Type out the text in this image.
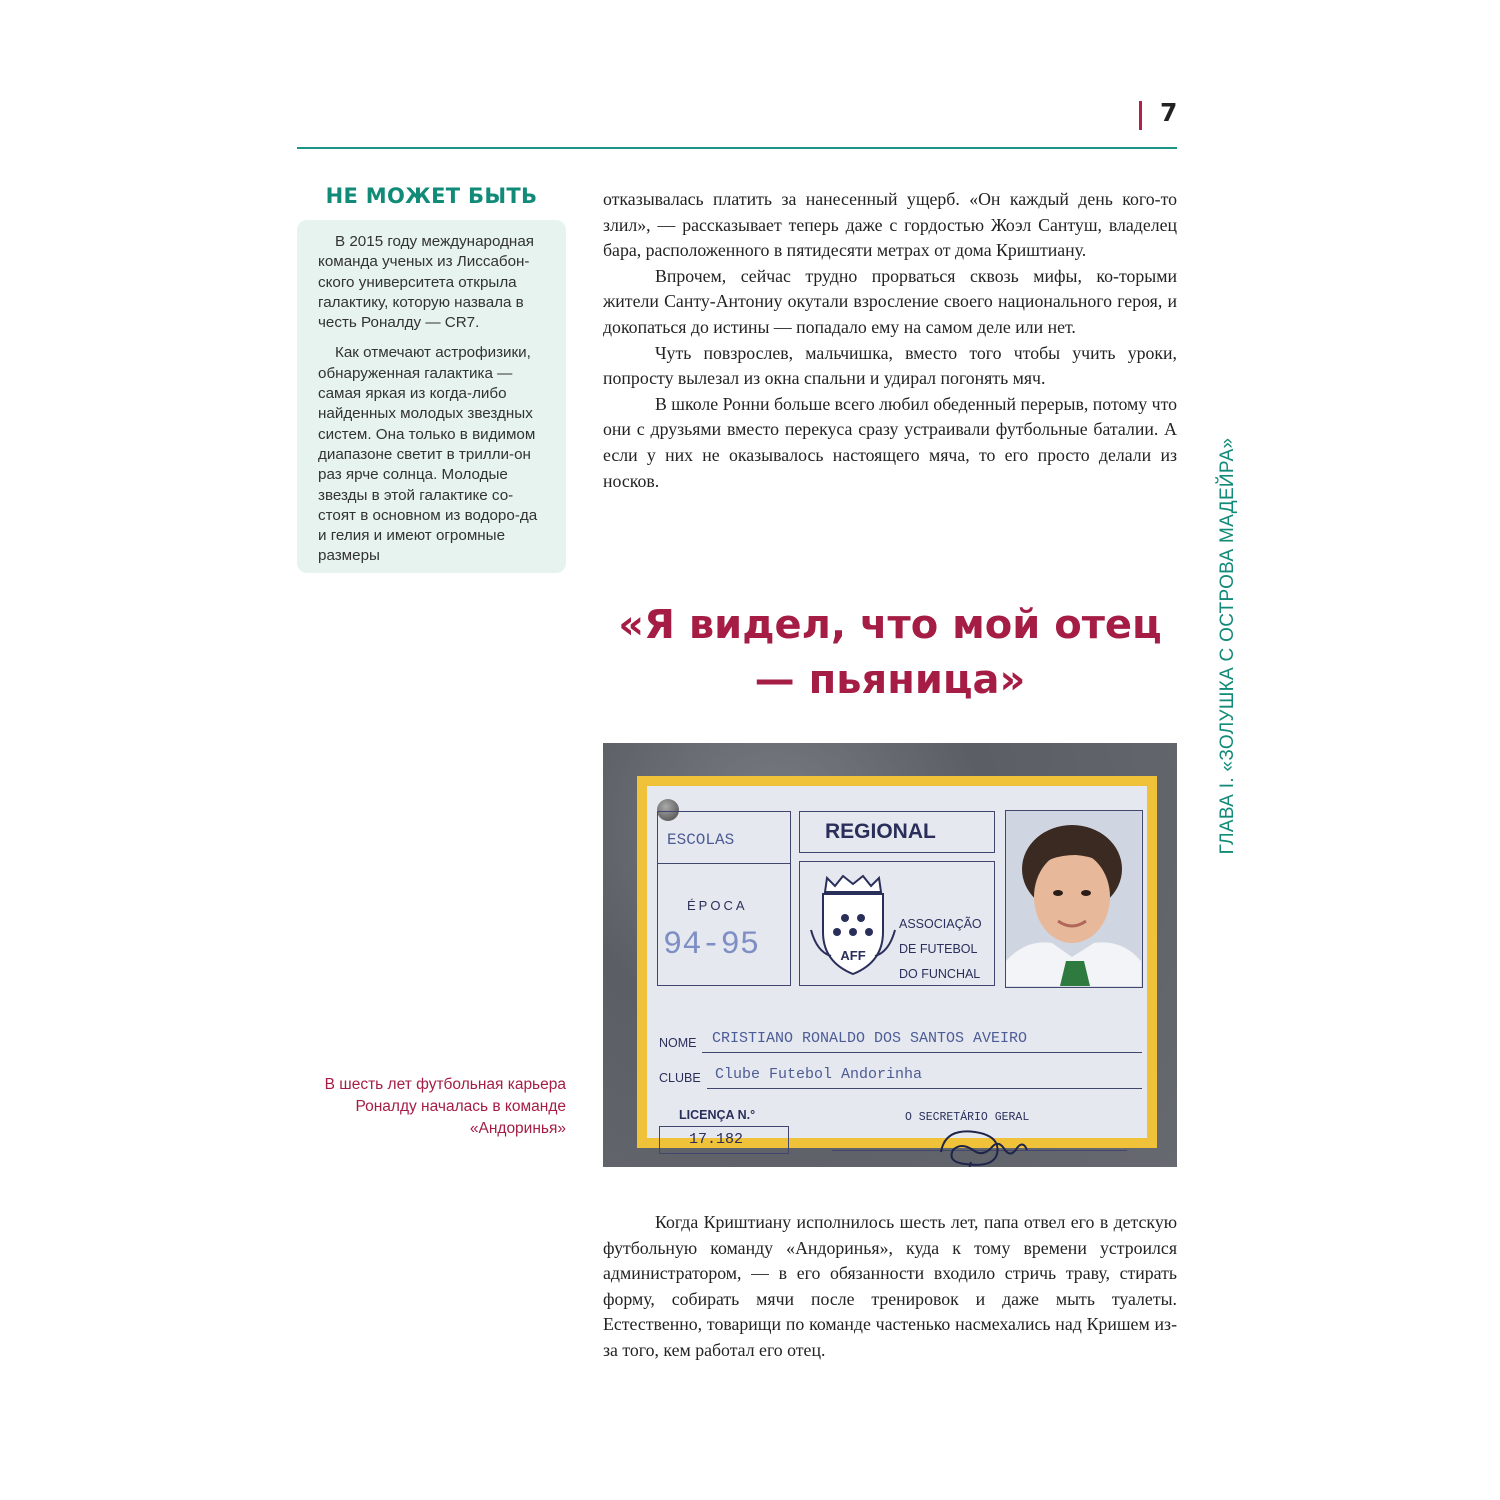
7
НЕ МОЖЕТ БЫТЬ

В 2015 году международная команда ученых из Лиссабон-ского университета открыла галактику, которую назвала в честь Роналду — CR7.

Как отмечают астрофизики, обнаруженная галактика — самая яркая из когда-либо найденных молодых звездных систем. Она только в видимом диапазоне светит в трилли-он раз ярче солнца. Молодые звезды в этой галактике со-стоят в основном из водоро-да и гелия и имеют огромные размеры

отказывалась платить за нанесенный ущерб. «Он каждый день кого-то злил», — рассказывает теперь даже с гордостью Жоэл Сантуш, владелец бара, расположенного в пятидесяти метрах от дома Криштиану.

Впрочем, сейчас трудно прорваться сквозь мифы, ко-торыми жители Санту-Антониу окутали взросление своего национального героя, и докопаться до истины — попадало ему на самом деле или нет.

Чуть повзрослев, мальчишка, вместо того чтобы учить уроки, попросту вылезал из окна спальни и удирал погонять мяч.

В школе Ронни больше всего любил обеденный перерыв, потому что они с друзьями вместо перекуса сразу устраивали футбольные баталии. А если у них не оказывалось настоящего мяча, то его просто делали из носков.

«Я видел, что мой отец — пьяница»
ESCOLAS
ÉPOCA
94-95
REGIONAL
AFF
ASSOCIAÇÃO
DE FUTEBOL
DO FUNCHAL
NOME CRISTIANO RONALDO DOS SANTOS AVEIRO
CLUBE Clube Futebol Andorinha
LICENÇA N.°
17.182
O SECRETÁRIO GERAL
В шесть лет футбольная карьера Роналду началась в команде «Андоринья»

Когда Криштиану исполнилось шесть лет, папа отвел его в детскую футбольную команду «Андоринья», куда к тому времени устроился администратором, — в его обязанности входило стричь траву, стирать форму, собирать мячи после тренировок и даже мыть туалеты. Естественно, товарищи по команде частенько насмехались над Кришем из-за того, кем работал его отец.

ГЛАВА I. «ЗОЛУШКА С ОСТРОВА МАДЕЙРА»
